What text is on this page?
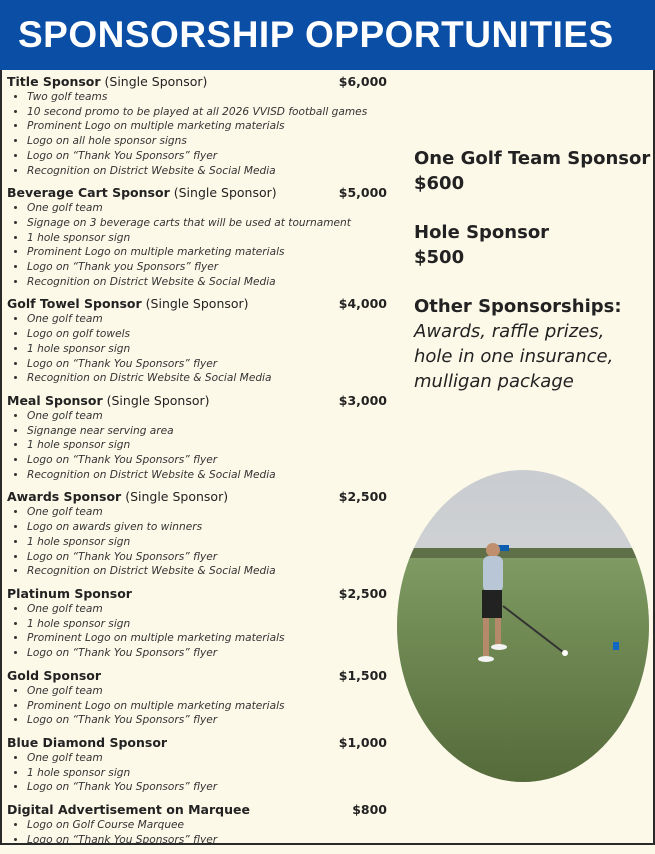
SPONSORSHIP OPPORTUNITIES
Title Sponsor (Single Sponsor)	$6,000
• Two golf teams
• 10 second promo to be played at all 2026 VVISD football games
• Prominent Logo on multiple marketing materials
• Logo on all hole sponsor signs
• Logo on “Thank You Sponsors” flyer
• Recognition on District Website & Social Media
Beverage Cart Sponsor (Single Sponsor)	$5,000
• One golf team
• Signage on 3 beverage carts that will be used at tournament
• 1 hole sponsor sign
• Prominent Logo on multiple marketing materials
• Logo on “Thank you Sponsors” flyer
• Recognition on District Website & Social Media
Golf Towel Sponsor (Single Sponsor)	$4,000
• One golf team
• Logo on golf towels
• 1 hole sponsor sign
• Logo on “Thank You Sponsors” flyer
• Recognition on Distric Website & Social Media
Meal Sponsor (Single Sponsor)	$3,000
• One golf team
• Signange near serving area
• 1 hole sponsor sign
• Logo on “Thank You Sponsors” flyer
• Recognition on District Website & Social Media
Awards Sponsor (Single Sponsor)	$2,500
• One golf team
• Logo on awards given to winners
• 1 hole sponsor sign
• Logo on “Thank You Sponsors” flyer
• Recognition on District Website & Social Media
Platinum Sponsor	$2,500
• One golf team
• 1 hole sponsor sign
• Prominent Logo on multiple marketing materials
• Logo on “Thank You Sponsors” flyer
Gold Sponsor	$1,500
• One golf team
• Prominent Logo on multiple marketing materials
• Logo on “Thank You Sponsors” flyer
Blue Diamond Sponsor	$1,000
• One golf team
• 1 hole sponsor sign
• Logo on “Thank You Sponsors” flyer
Digital Advertisement on Marquee	$800
• Logo on Golf Course Marquee
• Logo on “Thank You Sponsors” flyer
One Golf Team Sponsor
$600
Hole Sponsor
$500
Other Sponsorships:
Awards, raffle prizes,
hole in one insurance,
mulligan package
